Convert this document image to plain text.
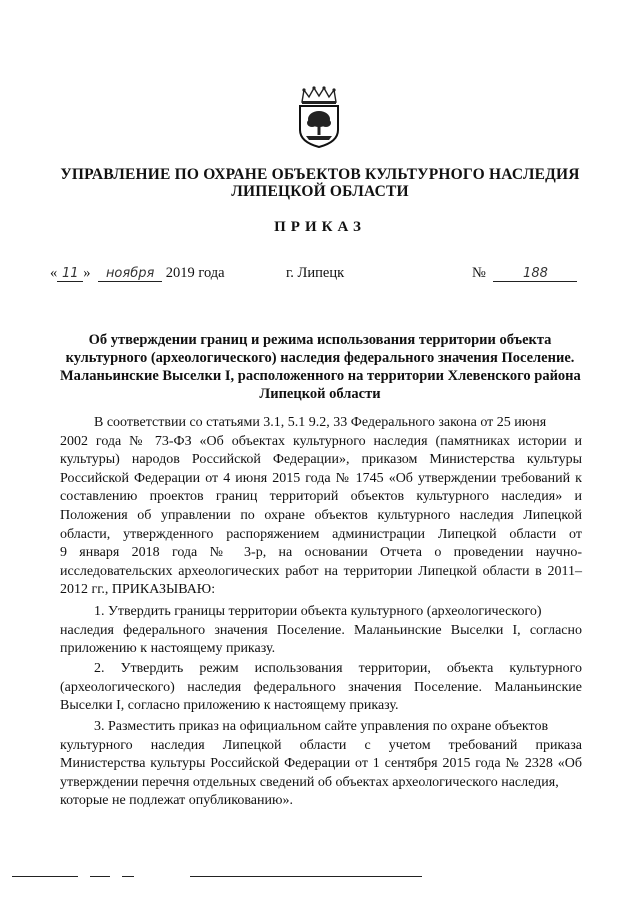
УПРАВЛЕНИЕ ПО ОХРАНЕ ОБЪЕКТОВ КУЛЬТУРНОГО НАСЛЕДИЯ
ЛИПЕЦКОЙ ОБЛАСТИ
ПРИКАЗ
« 11 » ноября 2019 года	г. Липецк	№	188
Об утверждении границ и режима использования территории объекта
культурного (археологического) наследия федерального значения Поселение.
Маланьинские Выселки I, расположенного на территории Хлевенского района
Липецкой области
В соответствии со статьями 3.1, 5.1 9.2, 33 Федерального закона от 25 июня
2002 года № 73-ФЗ «Об объектах культурного наследия (памятниках истории и
культуры) народов Российской Федерации», приказом Министерства культуры
Российской Федерации от 4 июня 2015 года № 1745 «Об утверждении требований к
составлению проектов границ территорий объектов культурного наследия» и
Положения об управлении по охране объектов культурного наследия Липецкой
области, утвержденного распоряжением администрации Липецкой области от
9 января 2018 года № 3-р, на основании Отчета о проведении научно-
исследовательских археологических работ на территории Липецкой области в 2011–
2012 гг., ПРИКАЗЫВАЮ:
1. Утвердить границы территории объекта культурного (археологического)
наследия федерального значения Поселение. Маланьинские Выселки I, согласно
приложению к настоящему приказу.
2. Утвердить режим использования территории, объекта культурного
(археологического) наследия федерального значения Поселение. Маланьинские
Выселки I, согласно приложению к настоящему приказу.
3. Разместить приказ на официальном сайте управления по охране объектов
культурного наследия Липецкой области с учетом требований приказа
Министерства культуры Российской Федерации от 1 сентября 2015 года № 2328 «Об
утверждении перечня отдельных сведений об объектах археологического наследия,
которые не подлежат опубликованию».
